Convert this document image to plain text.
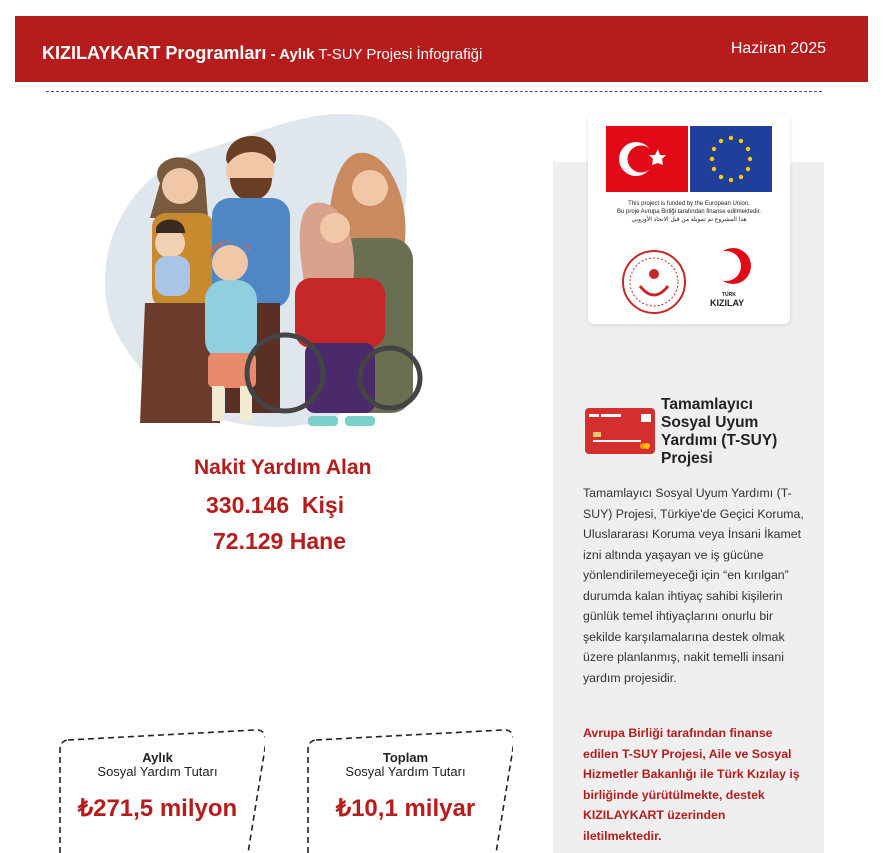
KIZILAYKART Programları - Aylık T-SUY Projesi İnfografiği	Haziran 2025
Nakit Yardım Alan
330.146  Kişi
72.129 Hane
Aylık
Sosyal Yardım Tutarı
₺271,5 milyon
Toplam
Sosyal Yardım Tutarı
₺10,1 milyar
This project is funded by the European Union.
Bu proje Avrupa Birliği tarafından finanse edilmektedir.
هذا المشروع تم تمويله من قبل الاتحاد الأوروبي
TÜRK
KIZILAY
Tamamlayıcı Sosyal Uyum Yardımı (T-SUY) Projesi
Tamamlayıcı Sosyal Uyum Yardımı (T-SUY) Projesi, Türkiye'de Geçici Koruma, Uluslararası Koruma veya İnsani İkamet izni altında yaşayan ve iş gücüne yönlendirilemeyeceği için “en kırılgan” durumda kalan ihtiyaç sahibi kişilerin günlük temel ihtiyaçlarını onurlu bir şekilde karşılamalarına destek olmak üzere planlanmış, nakit temelli insani yardım projesidir.
Avrupa Birliği tarafından finanse edilen T-SUY Projesi, Aile ve Sosyal Hizmetler Bakanlığı ile Türk Kızılay iş birliğinde yürütülmekte, destek KIZILAYKART üzerinden iletilmektedir.
